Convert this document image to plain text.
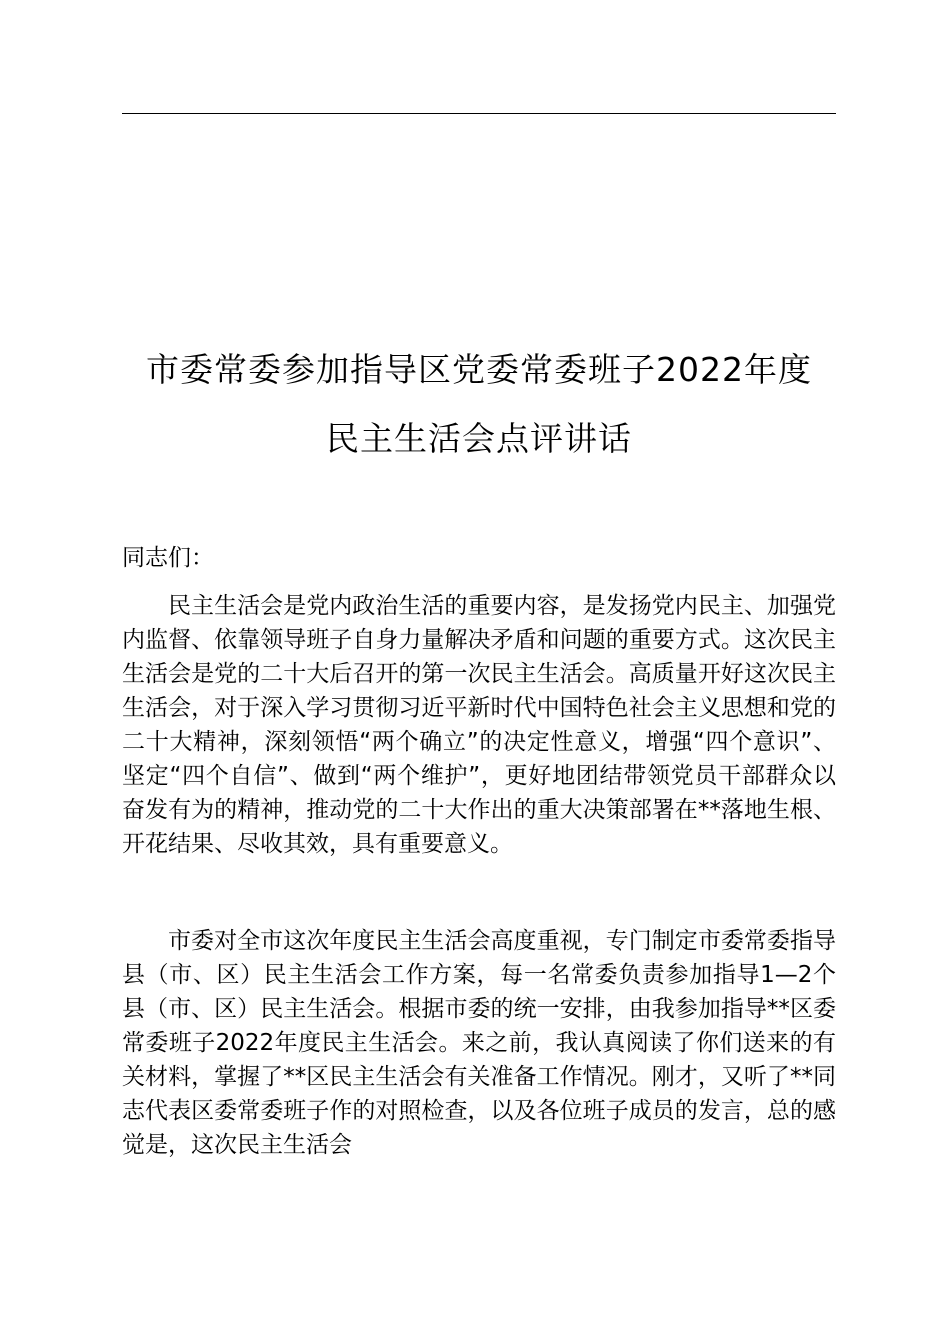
市委常委参加指导区党委常委班子2022年度
民主生活会点评讲话
同志们：

民主生活会是党内政治生活的重要内容，是发扬党内民主、加强党内监督、依靠领导班子自身力量解决矛盾和问题的重要方式。这次民主生活会是党的二十大后召开的第一次民主生活会。高质量开好这次民主生活会，对于深入学习贯彻习近平新时代中国特色社会主义思想和党的二十大精神，深刻领悟“两个确立”的决定性意义，增强“四个意识”、坚定“四个自信”、做到“两个维护”，更好地团结带领党员干部群众以奋发有为的精神，推动党的二十大作出的重大决策部署在**落地生根、开花结果、尽收其效，具有重要意义。

市委对全市这次年度民主生活会高度重视，专门制定市委常委指导县（市、区）民主生活会工作方案，每一名常委负责参加指导1—2个县（市、区）民主生活会。根据市委的统一安排，由我参加指导**区委常委班子2022年度民主生活会。来之前，我认真阅读了你们送来的有关材料，掌握了**区民主生活会有关准备工作情况。刚才，又听了**同志代表区委常委班子作的对照检查，以及各位班子成员的发言，总的感觉是，这次民主生活会
